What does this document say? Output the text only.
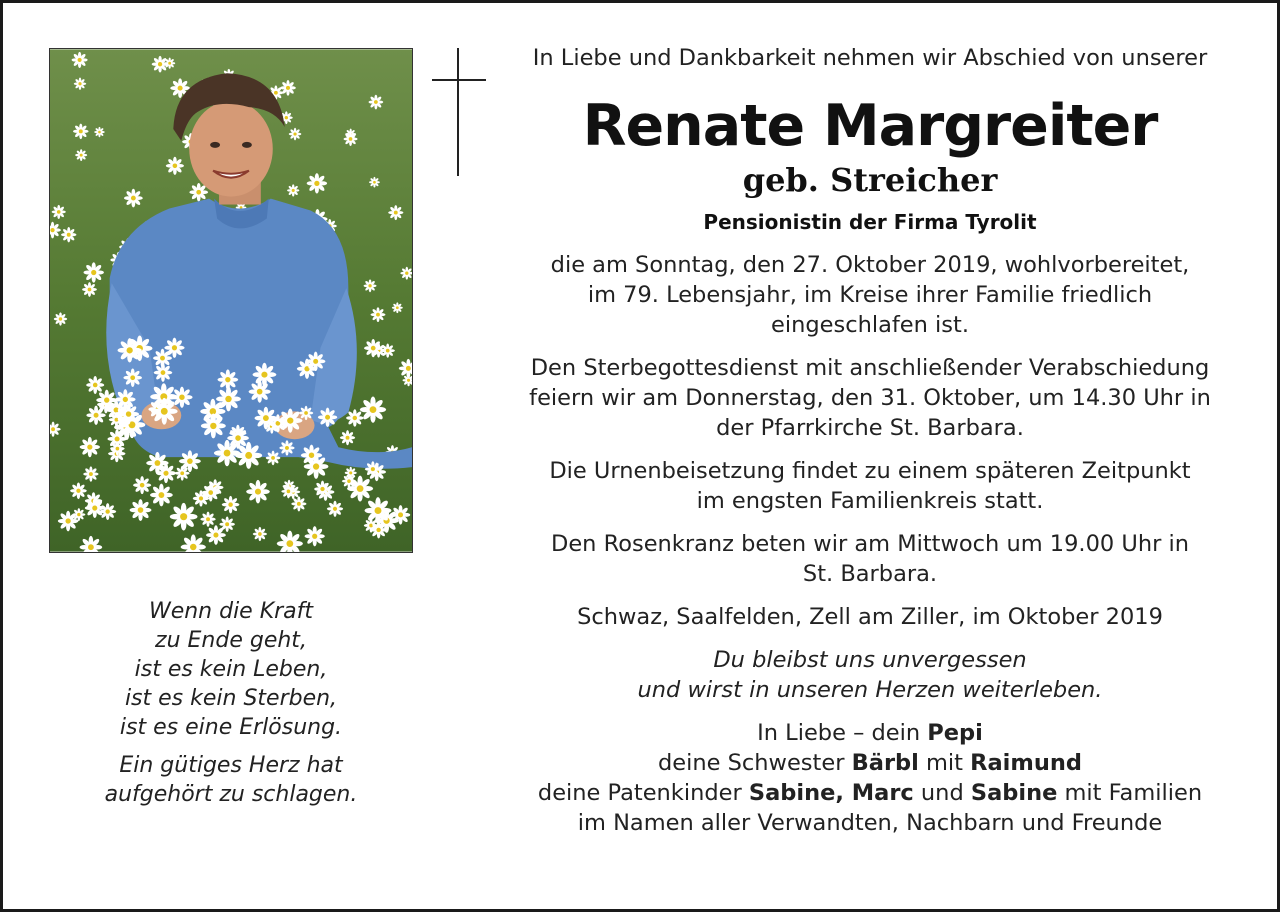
Wenn die Kraft
zu Ende geht,
ist es kein Leben,
ist es kein Sterben,
ist es eine Erlösung.
Ein gütiges Herz hat
aufgehört zu schlagen.
In Liebe und Dankbarkeit nehmen wir Abschied von unserer
Renate Margreiter
geb. Streicher
Pensionistin der Firma Tyrolit
die am Sonntag, den 27. Oktober 2019, wohlvorbereitet,
im 79. Lebensjahr, im Kreise ihrer Familie friedlich
eingeschlafen ist.
Den Sterbegottesdienst mit anschließender Verabschiedung
feiern wir am Donnerstag, den 31. Oktober, um 14.30 Uhr in
der Pfarrkirche St. Barbara.
Die Urnenbeisetzung findet zu einem späteren Zeitpunkt
im engsten Familienkreis statt.
Den Rosenkranz beten wir am Mittwoch um 19.00 Uhr in
St. Barbara.
Schwaz, Saalfelden, Zell am Ziller, im Oktober 2019
Du bleibst uns unvergessen
und wirst in unseren Herzen weiterleben.
In Liebe – dein Pepi
deine Schwester Bärbl mit Raimund
deine Patenkinder Sabine, Marc und Sabine mit Familien
im Namen aller Verwandten, Nachbarn und Freunde
